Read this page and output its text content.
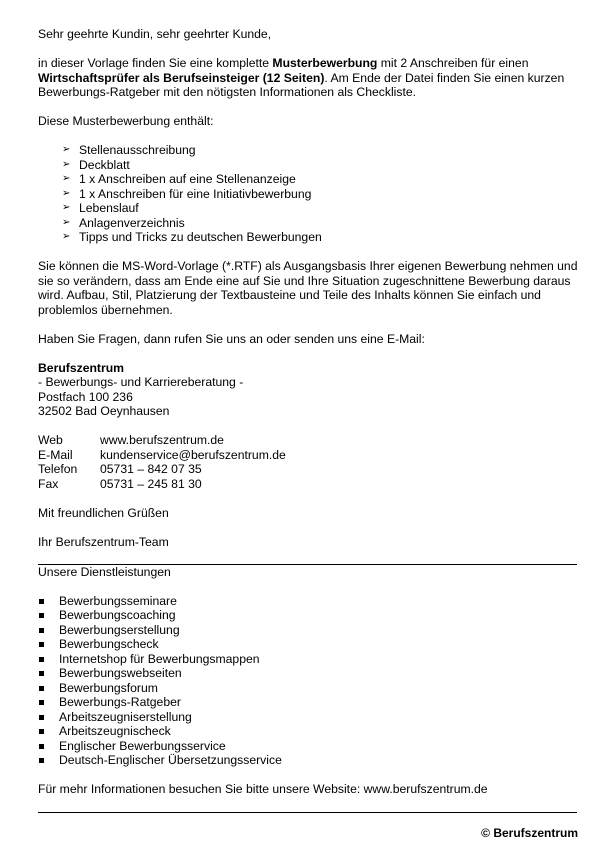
Sehr geehrte Kundin, sehr geehrter Kunde,

in dieser Vorlage finden Sie eine komplette Musterbewerbung mit 2 Anschreiben für einen Wirtschaftsprüfer als Berufseinsteiger (12 Seiten). Am Ende der Datei finden Sie einen kurzen Bewerbungs-Ratgeber mit den nötigsten Informationen als Checkliste.

Diese Musterbewerbung enthält:

➢ Stellenausschreibung
➢ Deckblatt
➢ 1 x Anschreiben auf eine Stellenanzeige
➢ 1 x Anschreiben für eine Initiativbewerbung
➢ Lebenslauf
➢ Anlagenverzeichnis
➢ Tipps und Tricks zu deutschen Bewerbungen

Sie können die MS-Word-Vorlage (*.RTF) als Ausgangsbasis Ihrer eigenen Bewerbung nehmen und sie so verändern, dass am Ende eine auf Sie und Ihre Situation zugeschnittene Bewerbung daraus wird. Aufbau, Stil, Platzierung der Textbausteine und Teile des Inhalts können Sie einfach und problemlos übernehmen.

Haben Sie Fragen, dann rufen Sie uns an oder senden uns eine E-Mail:

Berufszentrum

- Bewerbungs- und Karriereberatung -

Postfach 100 236

32502 Bad Oeynhausen

Web	www.berufszentrum.de
E-Mail	kundenservice@berufszentrum.de
Telefon	05731 – 842 07 35
Fax	05731 – 245 81 30

Mit freundlichen Grüßen

Ihr Berufszentrum-Team

Unsere Dienstleistungen

Bewerbungsseminare
Bewerbungscoaching
Bewerbungserstellung
Bewerbungscheck
Internetshop für Bewerbungsmappen
Bewerbungswebseiten
Bewerbungsforum
Bewerbungs-Ratgeber
Arbeitszeugniserstellung
Arbeitszeugnischeck
Englischer Bewerbungsservice
Deutsch-Englischer Übersetzungsservice

Für mehr Informationen besuchen Sie bitte unsere Website: www.berufszentrum.de

© Berufszentrum
